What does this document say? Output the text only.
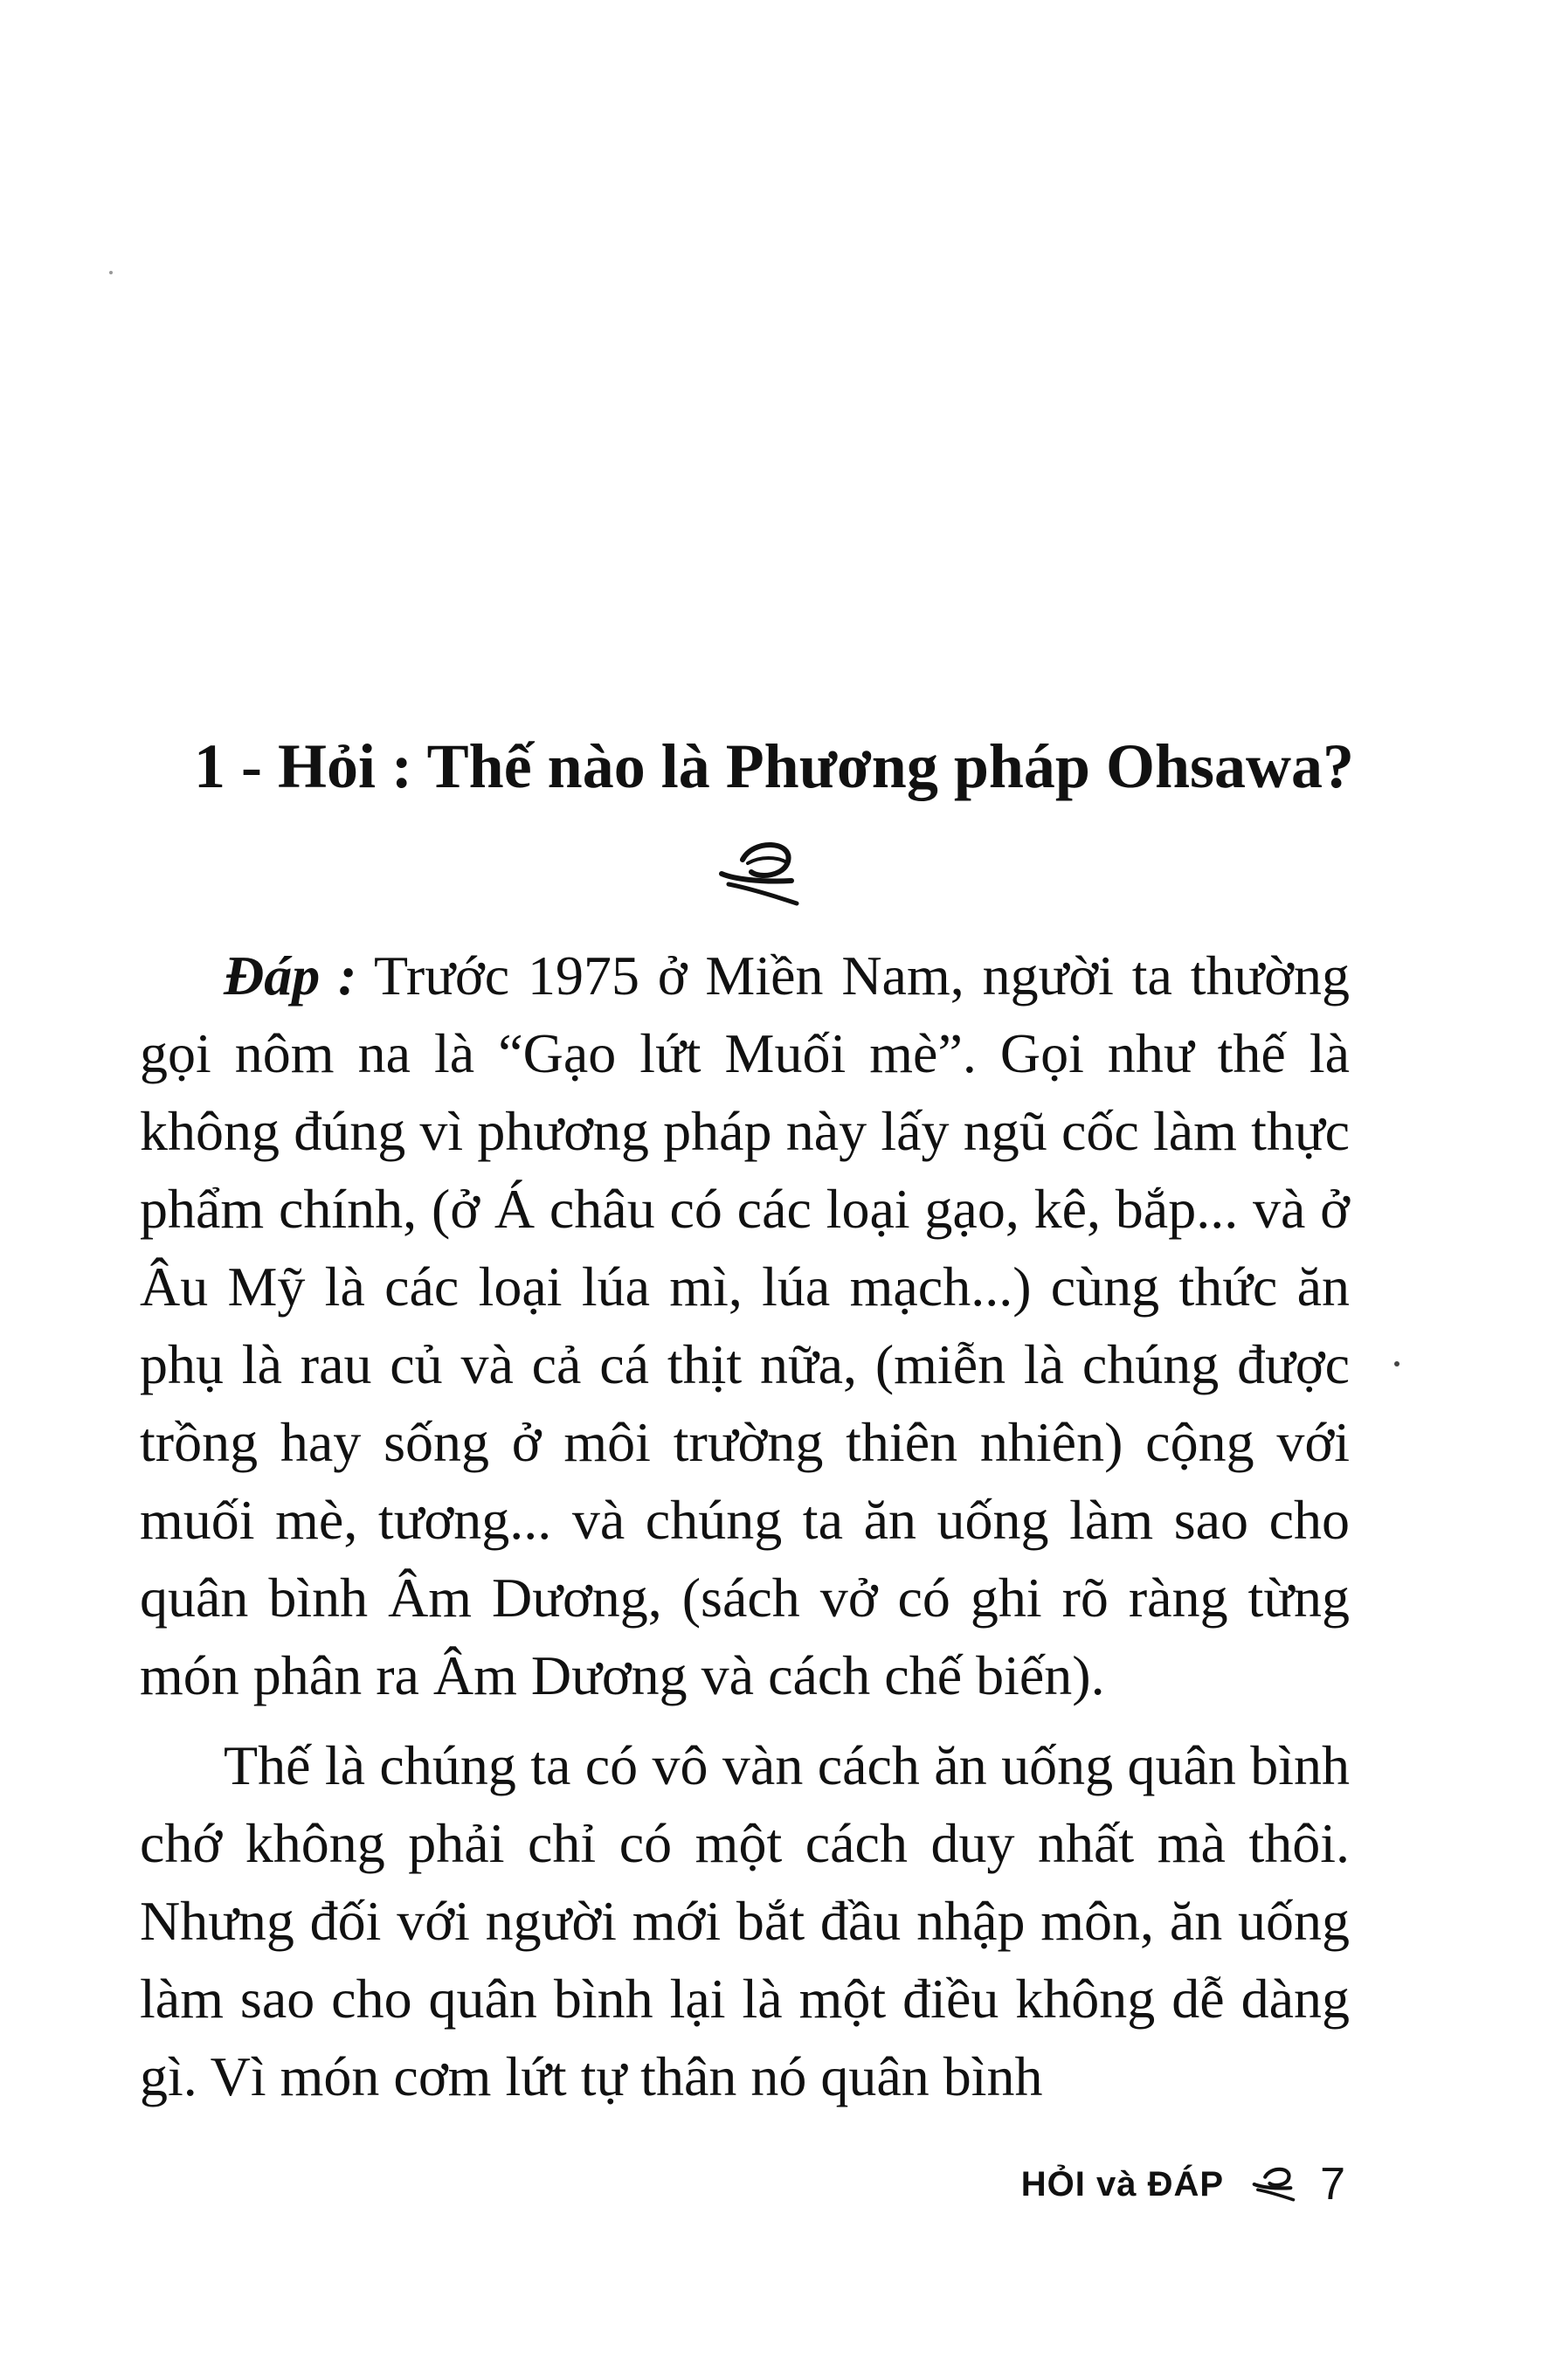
1 - Hỏi : Thế nào là Phương pháp Ohsawa?

Đáp : Trước 1975 ở Miền Nam, người ta thường gọi nôm na là “Gạo lứt Muối mè”. Gọi như thế là không đúng vì phương pháp này lấy ngũ cốc làm thực phẩm chính, (ở Á châu có các loại gạo, kê, bắp... và ở Âu Mỹ là các loại lúa mì, lúa mạch...) cùng thức ăn phụ là rau củ và cả cá thịt nữa, (miễn là chúng được trồng hay sống ở môi trường thiên nhiên) cộng với muối mè, tương... và chúng ta ăn uống làm sao cho quân bình Âm Dương, (sách vở có ghi rõ ràng từng món phân ra Âm Dương và cách chế biến).

Thế là chúng ta có vô vàn cách ăn uống quân bình chớ không phải chỉ có một cách duy nhất mà thôi. Nhưng đối với người mới bắt đầu nhập môn, ăn uống làm sao cho quân bình lại là một điều không dễ dàng gì. Vì món cơm lứt tự thân nó quân bình

HỎI và ĐÁP 7
